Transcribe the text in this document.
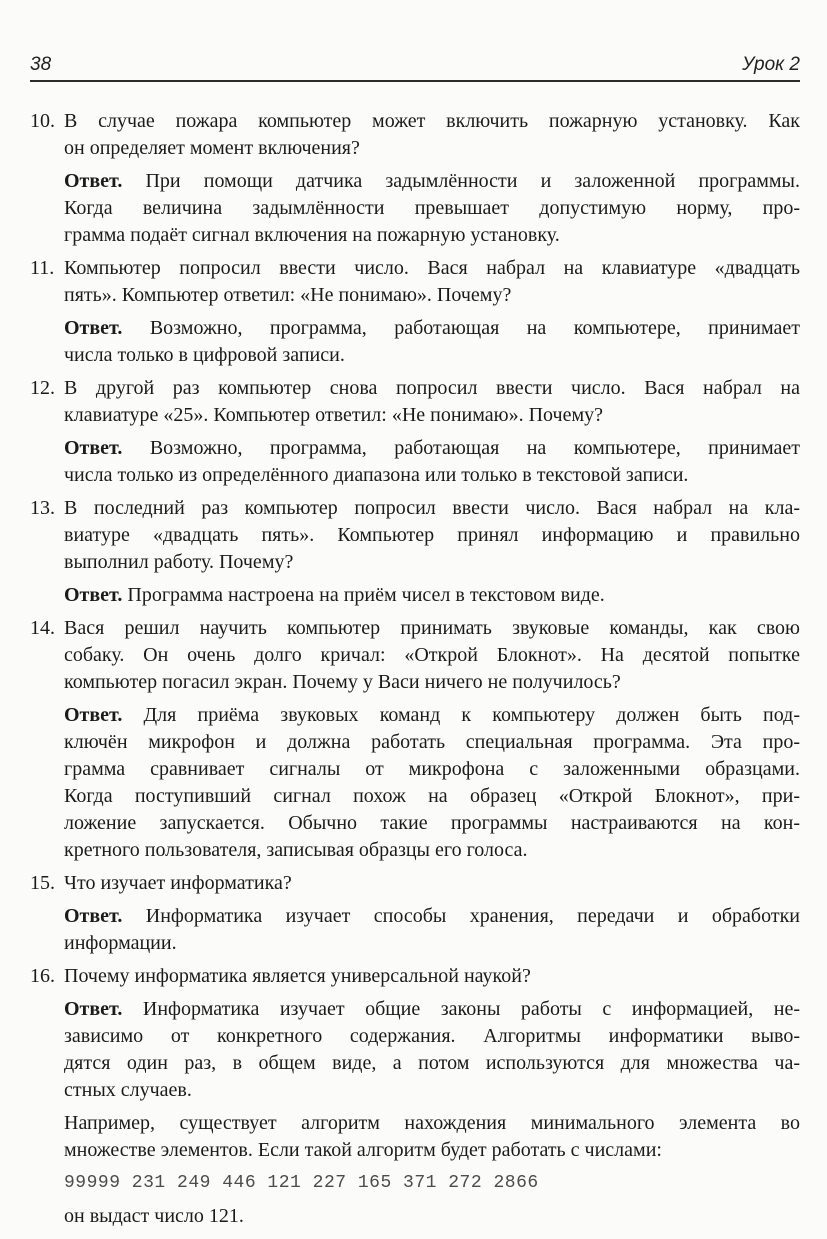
38	Урок 2
10. В случае пожара компьютер может включить пожарную установку. Как
он определяет момент включения?
Ответ. При помощи датчика задымлённости и заложенной программы.
Когда величина задымлённости превышает допустимую норму, про-
грамма подаёт сигнал включения на пожарную установку.
11. Компьютер попросил ввести число. Вася набрал на клавиатуре «двадцать
пять». Компьютер ответил: «Не понимаю». Почему?
Ответ. Возможно, программа, работающая на компьютере, принимает
числа только в цифровой записи.
12. В другой раз компьютер снова попросил ввести число. Вася набрал на
клавиатуре «25». Компьютер ответил: «Не понимаю». Почему?
Ответ. Возможно, программа, работающая на компьютере, принимает
числа только из определённого диапазона или только в текстовой записи.
13. В последний раз компьютер попросил ввести число. Вася набрал на кла-
виатуре «двадцать пять». Компьютер принял информацию и правильно
выполнил работу. Почему?
Ответ. Программа настроена на приём чисел в текстовом виде.
14. Вася решил научить компьютер принимать звуковые команды, как свою
собаку. Он очень долго кричал: «Открой Блокнот». На десятой попытке
компьютер погасил экран. Почему у Васи ничего не получилось?
Ответ. Для приёма звуковых команд к компьютеру должен быть под-
ключён микрофон и должна работать специальная программа. Эта про-
грамма сравнивает сигналы от микрофона с заложенными образцами.
Когда поступивший сигнал похож на образец «Открой Блокнот», при-
ложение запускается. Обычно такие программы настраиваются на кон-
кретного пользователя, записывая образцы его голоса.
15. Что изучает информатика?
Ответ. Информатика изучает способы хранения, передачи и обработки
информации.
16. Почему информатика является универсальной наукой?
Ответ. Информатика изучает общие законы работы с информацией, не-
зависимо от конкретного содержания. Алгоритмы информатики выво-
дятся один раз, в общем виде, а потом используются для множества ча-
стных случаев.
Например, существует алгоритм нахождения минимального элемента во
множестве элементов. Если такой алгоритм будет работать с числами:
99999 231 249 446 121 227 165 371 272 2866
он выдаст число 121.
